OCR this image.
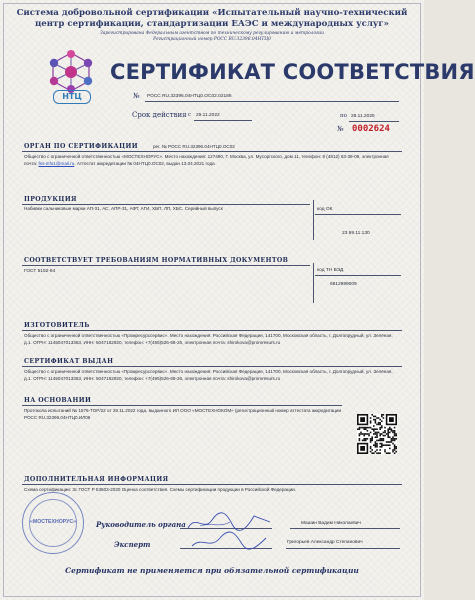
Система добровольной сертификации «Испытательный научно-технический
центр сертификации, стандартизации ЕАЭС и международных услуг»
Зарегистрирована Федеральным агентством по техническому регулированию и метрологии
Регистрационный номер РОСС RU.32396.04НТЦ0
НТЦ
СЕРТИФИКАТ СООТВЕТСТВИЯ
№ РОСС RU.32396.04НТЦ0.ОС02.02186
Срок действия с 29.11.2022	по 28.11.2025
№ 0002624
ОРГАН ПО СЕРТИФИКАЦИИ	рег. № РОСС RU.32396.04НТЦ0.ОС02
Общество с ограниченной ответственностью «МОСТЕХНОРУС». Место нахождения: 127490, Г. Москва, ул. Мусоргского, дом 11, телефон: 8 (4812) 63-39-09, электронная почта: fss-info1@mail.ru. Аттестат аккредитации № 04НТЦ0.ОС02, выдан 13.04.2021 года
ПРОДУКЦИЯ
Набивки сальниковые марки АП-31, АС, АПР-31, АФТ, АГИ, ХБП, ЛП, ХБС. Серийный выпуск	код ОК
23.99.11.130
СООТВЕТСТВУЕТ ТРЕБОВАНИЯМ НОРМАТИВНЫХ ДОКУМЕНТОВ
ГОСТ 5152-84	код ТН ВЭД
6812999009
ИЗГОТОВИТЕЛЬ
Общество с ограниченной ответственностью «Промресурссервис». Место нахождения: Российская Федерация, 141700, Московская область, г. Долгопрудный, ул. Зелёная, д.1. ОГРН: 1145047013363, ИНН: 5047162920, телефон: +7(495)526-68-26, электронная почта: shirokova@promresurs.ru
СЕРТИФИКАТ ВЫДАН
Общество с ограниченной ответственностью «Промресурссервис». Место нахождения: Российская Федерация, 141700, Московская область, г. Долгопрудный, ул. Зелёная, д.1. ОГРН: 1145047013363, ИНН: 5047162920, телефон: +7(495)526-68-26, электронная почта: shirokova@promresurs.ru
НА ОСНОВАНИИ
Протокола испытаний № 1576-ТОР/22 от 29.11.2022 года, выданного ИЛ ООО «МОСТЕХНОКОМ» (регистрационный номер аттестата аккредитации РОСС RU.32396.04НТЦ0.ИЛ06
ДОПОЛНИТЕЛЬНАЯ ИНФОРМАЦИЯ
Схема сертификации: 3с ГОСТ Р 53603-2020 Оценка соответствия. Схемы сертификации продукции в Российской Федерации.
«МОСТЕХНОРУС»	Руководитель органа	Машин Вадим Николаевич
Эксперт	Григорьев Александр Степанович
Сертификат не применяется при обязательной сертификации
